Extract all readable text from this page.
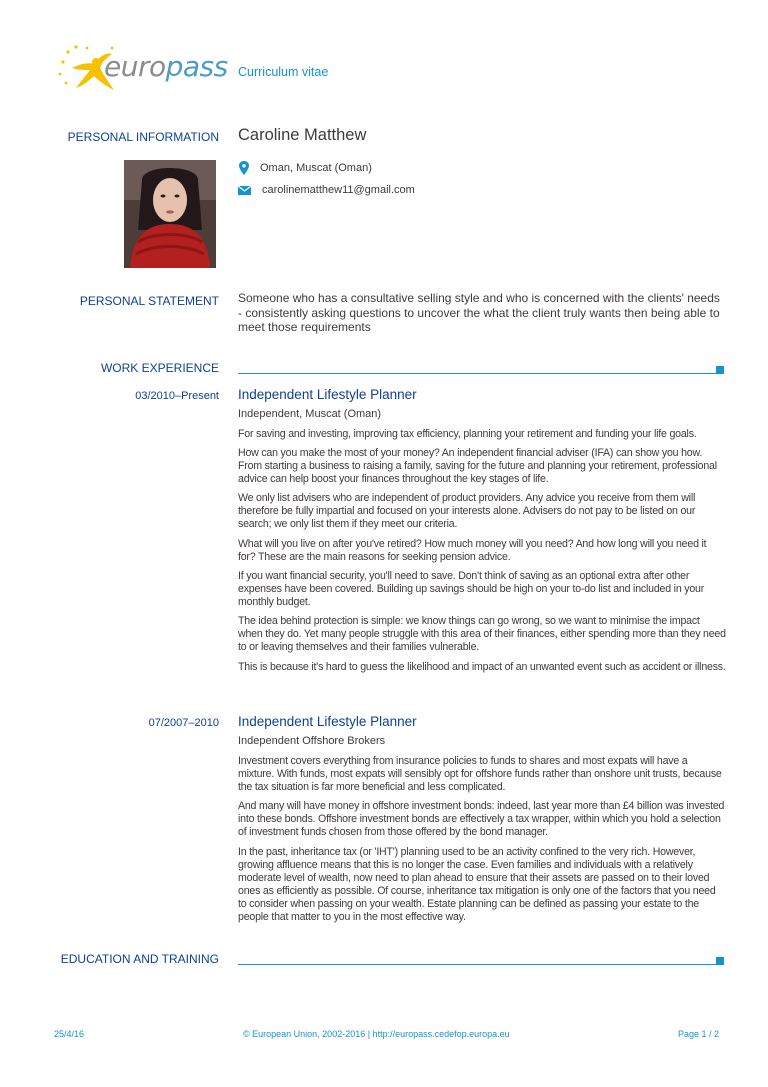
europass Curriculum vitae
PERSONAL INFORMATION Caroline Matthew
Oman, Muscat (Oman)
carolinematthew11@gmail.com
PERSONAL STATEMENT Someone who has a consultative selling style and who is concerned with the clients' needs - consistently asking questions to uncover the what the client truly wants then being able to meet those requirements
WORK EXPERIENCE
03/2010–Present Independent Lifestyle Planner
Independent, Muscat (Oman)
For saving and investing, improving tax efficiency, planning your retirement and funding your life goals.
How can you make the most of your money? An independent financial adviser (IFA) can show you how. From starting a business to raising a family, saving for the future and planning your retirement, professional advice can help boost your finances throughout the key stages of life.
We only list advisers who are independent of product providers. Any advice you receive from them will therefore be fully impartial and focused on your interests alone. Advisers do not pay to be listed on our search; we only list them if they meet our criteria.
What will you live on after you've retired? How much money will you need? And how long will you need it for? These are the main reasons for seeking pension advice.
If you want financial security, you'll need to save. Don't think of saving as an optional extra after other expenses have been covered. Building up savings should be high on your to-do list and included in your monthly budget.
The idea behind protection is simple: we know things can go wrong, so we want to minimise the impact when they do. Yet many people struggle with this area of their finances, either spending more than they need to or leaving themselves and their families vulnerable.
This is because it's hard to guess the likelihood and impact of an unwanted event such as accident or illness.
07/2007–2010 Independent Lifestyle Planner
Independent Offshore Brokers
Investment covers everything from insurance policies to funds to shares and most expats will have a mixture. With funds, most expats will sensibly opt for offshore funds rather than onshore unit trusts, because the tax situation is far more beneficial and less complicated.
And many will have money in offshore investment bonds: indeed, last year more than £4 billion was invested into these bonds. Offshore investment bonds are effectively a tax wrapper, within which you hold a selection of investment funds chosen from those offered by the bond manager.
In the past, inheritance tax (or 'IHT') planning used to be an activity confined to the very rich. However, growing affluence means that this is no longer the case. Even families and individuals with a relatively moderate level of wealth, now need to plan ahead to ensure that their assets are passed on to their loved ones as efficiently as possible. Of course, inheritance tax mitigation is only one of the factors that you need to consider when passing on your wealth. Estate planning can be defined as passing your estate to the people that matter to you in the most effective way.
EDUCATION AND TRAINING
25/4/16	© European Union, 2002-2016 | http://europass.cedefop.europa.eu	Page 1 / 2
